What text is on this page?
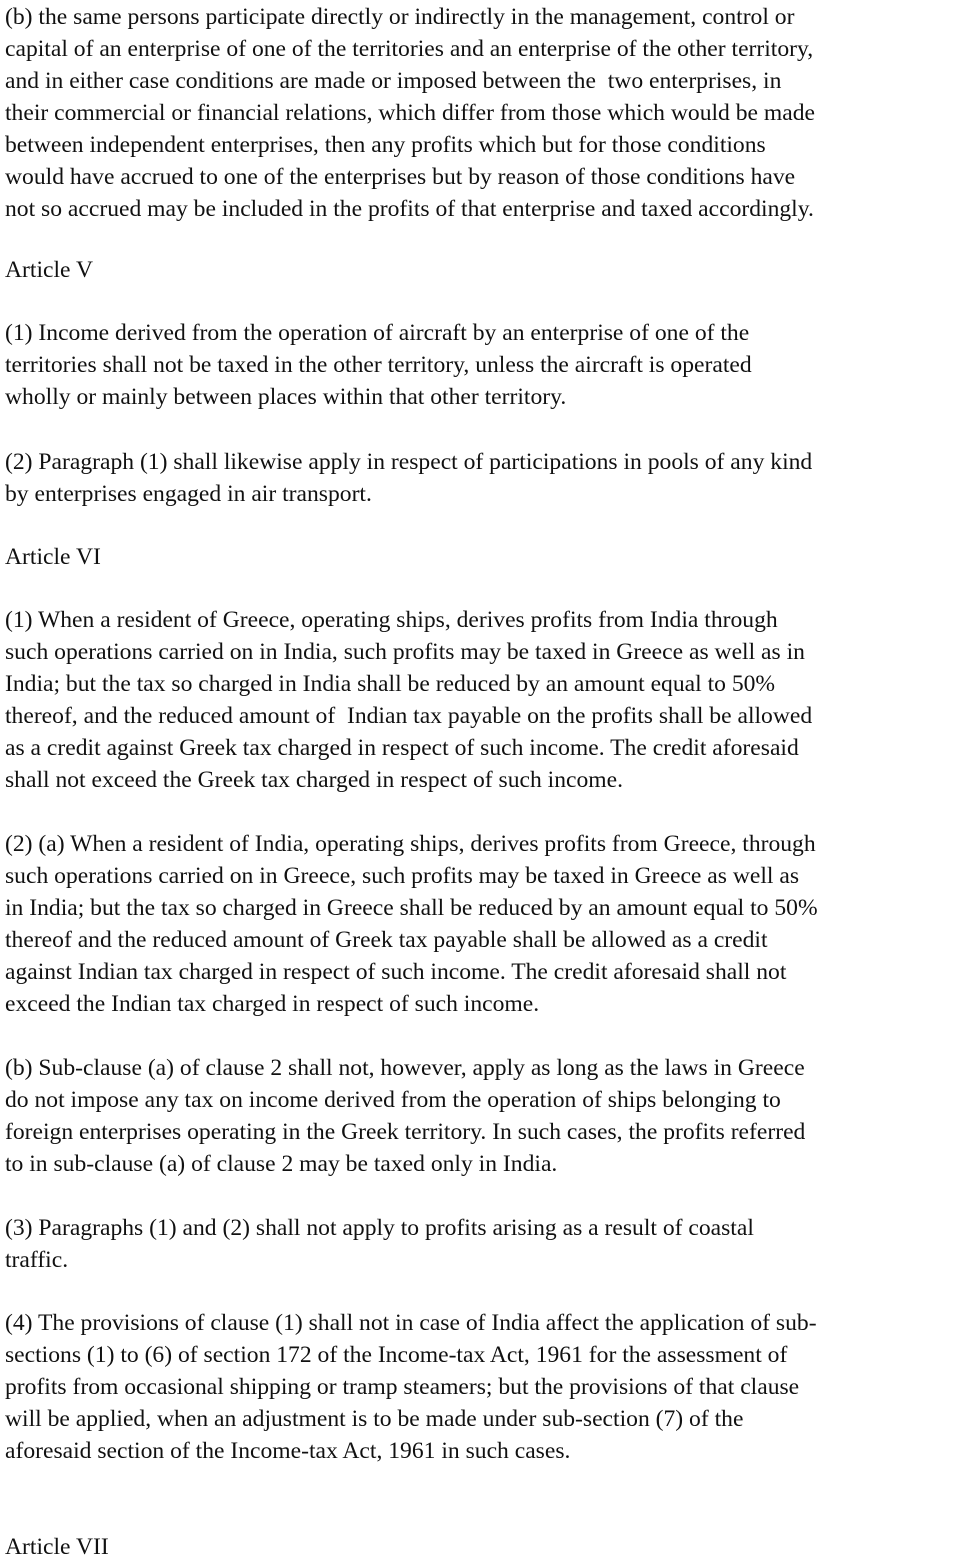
(b) the same persons participate directly or indirectly in the management, control or
capital of an enterprise of one of the territories and an enterprise of the other territory,
and in either case conditions are made or imposed between the  two enterprises, in
their commercial or financial relations, which differ from those which would be made
between independent enterprises, then any profits which but for those conditions
would have accrued to one of the enterprises but by reason of those conditions have
not so accrued may be included in the profits of that enterprise and taxed accordingly.
Article V
(1) Income derived from the operation of aircraft by an enterprise of one of the
territories shall not be taxed in the other territory, unless the aircraft is operated
wholly or mainly between places within that other territory.
(2) Paragraph (1) shall likewise apply in respect of participations in pools of any kind
by enterprises engaged in air transport.
Article VI
(1) When a resident of Greece, operating ships, derives profits from India through
such operations carried on in India, such profits may be taxed in Greece as well as in
India; but the tax so charged in India shall be reduced by an amount equal to 50%
thereof, and the reduced amount of  Indian tax payable on the profits shall be allowed
as a credit against Greek tax charged in respect of such income. The credit aforesaid
shall not exceed the Greek tax charged in respect of such income.
(2) (a) When a resident of India, operating ships, derives profits from Greece, through
such operations carried on in Greece, such profits may be taxed in Greece as well as
in India; but the tax so charged in Greece shall be reduced by an amount equal to 50%
thereof and the reduced amount of Greek tax payable shall be allowed as a credit
against Indian tax charged in respect of such income. The credit aforesaid shall not
exceed the Indian tax charged in respect of such income.
(b) Sub-clause (a) of clause 2 shall not, however, apply as long as the laws in Greece
do not impose any tax on income derived from the operation of ships belonging to
foreign enterprises operating in the Greek territory. In such cases, the profits referred
to in sub-clause (a) of clause 2 may be taxed only in India.
(3) Paragraphs (1) and (2) shall not apply to profits arising as a result of coastal
traffic.
(4) The provisions of clause (1) shall not in case of India affect the application of sub-
sections (1) to (6) of section 172 of the Income-tax Act, 1961 for the assessment of
profits from occasional shipping or tramp steamers; but the provisions of that clause
will be applied, when an adjustment is to be made under sub-section (7) of the
aforesaid section of the Income-tax Act, 1961 in such cases.
Article VII
